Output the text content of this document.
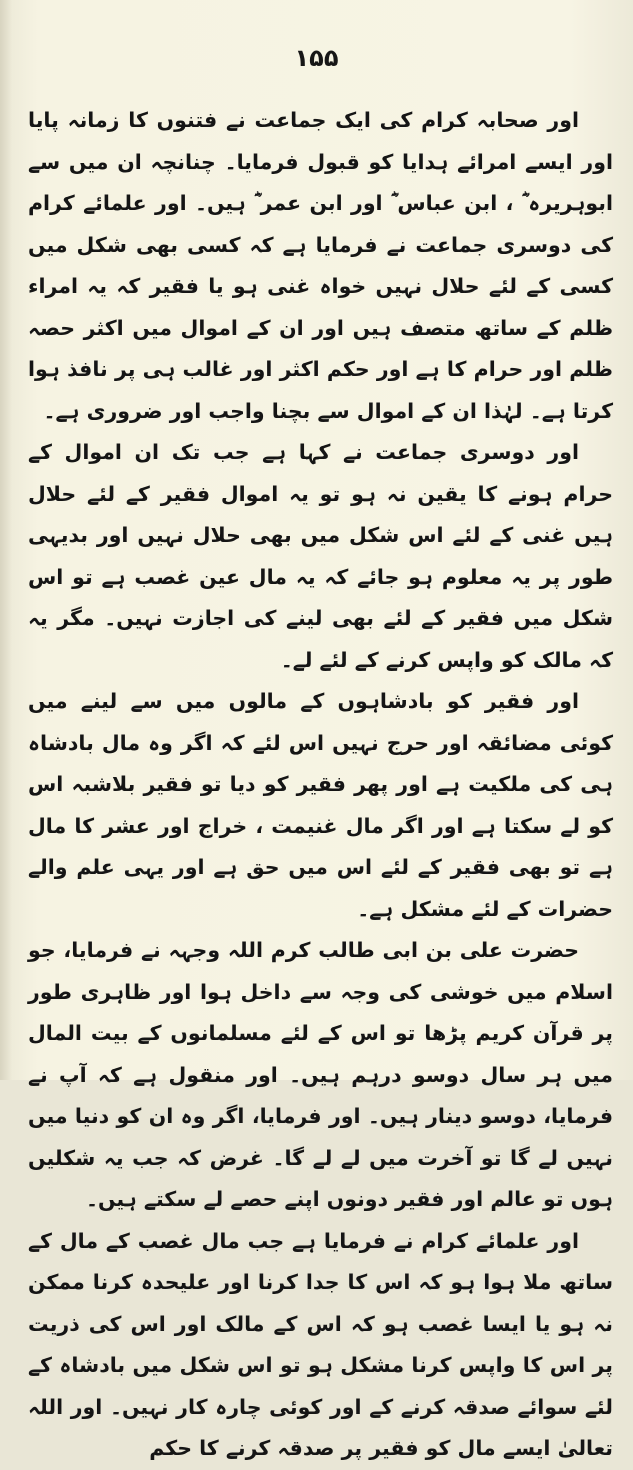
۱۵۵

اور صحابہ کرام کی ایک جماعت نے فتنوں کا زمانہ پایا اور ایسے امرائے ہدایا کو قبول فرمایا۔ چنانچہ ان میں سے ابوہریرہ ؓ ، ابن عباس ؓ اور ابن عمر ؓ ہیں۔ اور علمائے کرام کی دوسری جماعت نے فرمایا ہے کہ کسی بھی شکل میں کسی کے لئے حلال نہیں خواہ غنی ہو یا فقیر کہ یہ امراء ظلم کے ساتھ متصف ہیں اور ان کے اموال میں اکثر حصہ ظلم اور حرام کا ہے اور حکم اکثر اور غالب ہی پر نافذ ہوا کرتا ہے۔ لہٰذا ان کے اموال سے بچنا واجب اور ضروری ہے۔

اور دوسری جماعت نے کہا ہے جب تک ان اموال کے حرام ہونے کا یقین نہ ہو تو یہ اموال فقیر کے لئے حلال ہیں غنی کے لئے اس شکل میں بھی حلال نہیں اور بدیہی طور پر یہ معلوم ہو جائے کہ یہ مال عین غصب ہے تو اس شکل میں فقیر کے لئے بھی لینے کی اجازت نہیں۔ مگر یہ کہ مالک کو واپس کرنے کے لئے لے۔

اور فقیر کو بادشاہوں کے مالوں میں سے لینے میں کوئی مضائقہ اور حرج نہیں اس لئے کہ اگر وہ مال بادشاہ ہی کی ملکیت ہے اور پھر فقیر کو دیا تو فقیر بلاشبہ اس کو لے سکتا ہے اور اگر مال غنیمت ، خراج اور عشر کا مال ہے تو بھی فقیر کے لئے اس میں حق ہے اور یہی علم والے حضرات کے لئے مشکل ہے۔

حضرت علی بن ابی طالب کرم اللہ وجہہ نے فرمایا، جو اسلام میں خوشی کی وجہ سے داخل ہوا اور ظاہری طور پر قرآن کریم پڑھا تو اس کے لئے مسلمانوں کے بیت المال میں ہر سال دوسو درہم ہیں۔ اور منقول ہے کہ آپ نے فرمایا، دوسو دینار ہیں۔ اور فرمایا، اگر وہ ان کو دنیا میں نہیں لے گا تو آخرت میں لے لے گا۔ غرض کہ جب یہ شکلیں ہوں تو عالم اور فقیر دونوں اپنے حصے لے سکتے ہیں۔

اور علمائے کرام نے فرمایا ہے جب مال غصب کے مال کے ساتھ ملا ہوا ہو کہ اس کا جدا کرنا اور علیحدہ کرنا ممکن نہ ہو یا ایسا غصب ہو کہ اس کے مالک اور اس کی ذریت پر اس کا واپس کرنا مشکل ہو تو اس شکل میں بادشاہ کے لئے سوائے صدقہ کرنے کے اور کوئی چارہ کار نہیں۔ اور اللہ تعالیٰ ایسے مال کو فقیر پر صدقہ کرنے کا حکم
